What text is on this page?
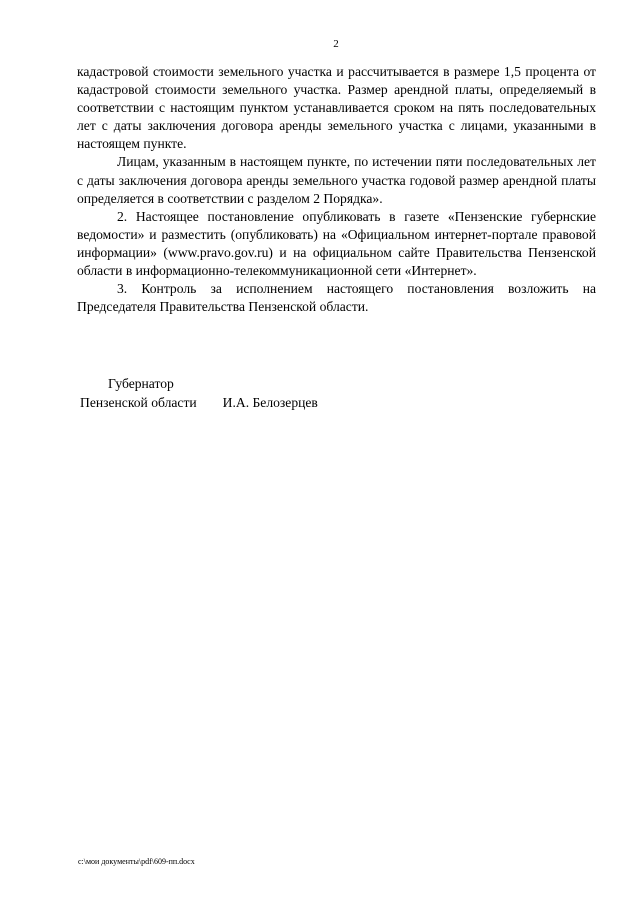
2

кадастровой стоимости земельного участка и рассчитывается в размере 1,5 процента от кадастровой стоимости земельного участка. Размер арендной платы, определяемый в соответствии с настоящим пунктом устанавливается сроком на пять последовательных лет с даты заключения договора аренды земельного участка с лицами, указанными в настоящем пункте.

Лицам, указанным в настоящем пункте, по истечении пяти последовательных лет с даты заключения договора аренды земельного участка годовой размер арендной платы определяется в соответствии с разделом 2 Порядка».

2. Настоящее постановление опубликовать в газете «Пензенские губернские ведомости» и разместить (опубликовать) на «Официальном интернет-портале правовой информации» (www.pravo.gov.ru) и на официальном сайте Правительства Пензенской области в информационно-телекоммуникационной сети «Интернет».

3. Контроль за исполнением настоящего постановления возложить на Председателя Правительства Пензенской области.

Губернатор
Пензенской области И.А. Белозерцев
c:\мои документы\pdf\609-пп.docx
